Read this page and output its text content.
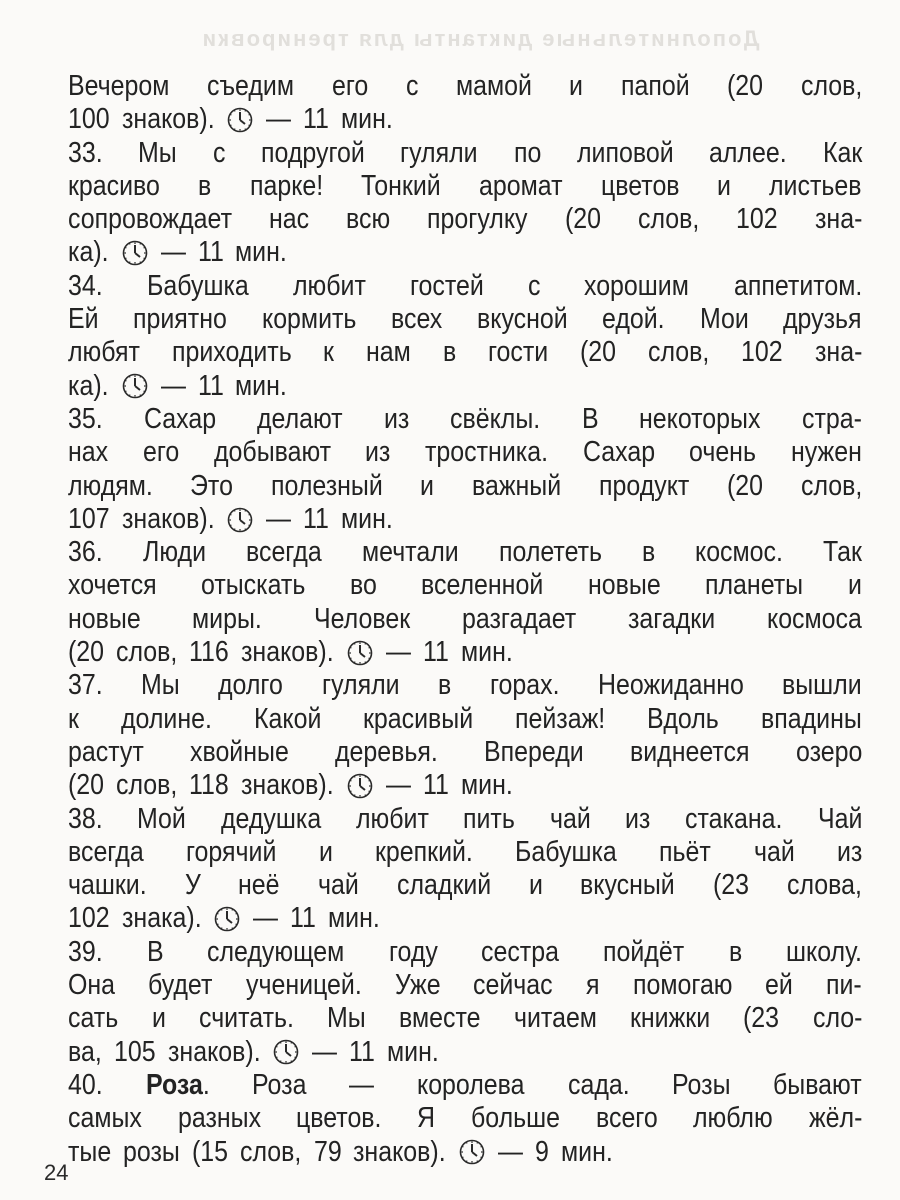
Дополнительные диктанты для тренировки
Вечером съедим его с мамой и папой (20 слов,
100 знаков). — 11 мин.
33. Мы с подругой гуляли по липовой аллее. Как
красиво в парке! Тонкий аромат цветов и листьев
сопровождает нас всю прогулку (20 слов, 102 зна-
ка). — 11 мин.
34. Бабушка любит гостей с хорошим аппетитом.
Ей приятно кормить всех вкусной едой. Мои друзья
любят приходить к нам в гости (20 слов, 102 зна-
ка). — 11 мин.
35. Сахар делают из свёклы. В некоторых стра-
нах его добывают из тростника. Сахар очень нужен
людям. Это полезный и важный продукт (20 слов,
107 знаков). — 11 мин.
36. Люди всегда мечтали полететь в космос. Так
хочется отыскать во вселенной новые планеты и
новые миры. Человек разгадает загадки космоса
(20 слов, 116 знаков). — 11 мин.
37. Мы долго гуляли в горах. Неожиданно вышли
к долине. Какой красивый пейзаж! Вдоль впадины
растут хвойные деревья. Впереди виднеется озеро
(20 слов, 118 знаков). — 11 мин.
38. Мой дедушка любит пить чай из стакана. Чай
всегда горячий и крепкий. Бабушка пьёт чай из
чашки. У неё чай сладкий и вкусный (23 слова,
102 знака). — 11 мин.
39. В следующем году сестра пойдёт в школу.
Она будет ученицей. Уже сейчас я помогаю ей пи-
сать и считать. Мы вместе читаем книжки (23 сло-
ва, 105 знаков). — 11 мин.
40. Роза. Роза — королева сада. Розы бывают
самых разных цветов. Я больше всего люблю жёл-
тые розы (15 слов, 79 знаков). — 9 мин.
24
